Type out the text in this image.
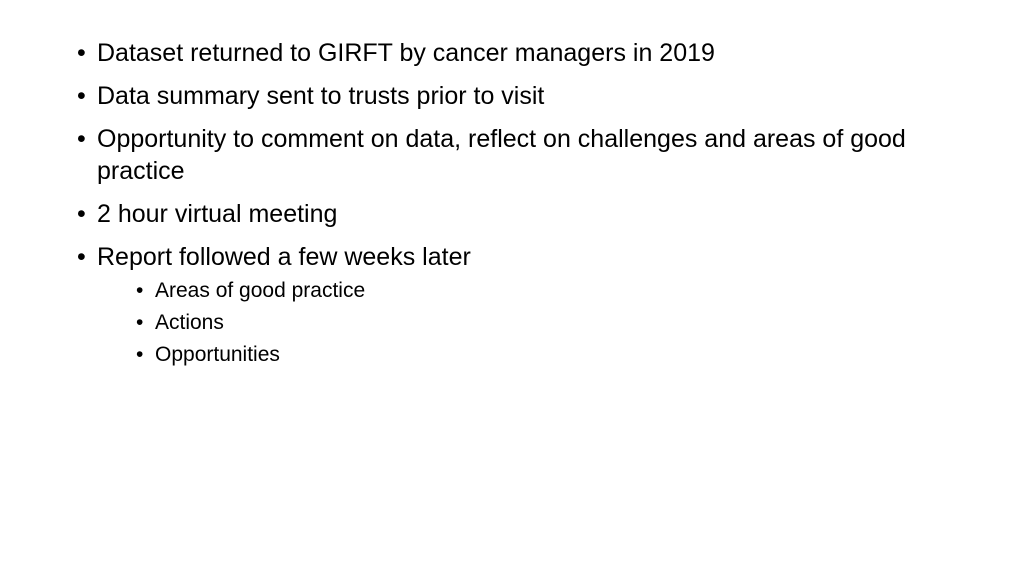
• Dataset returned to GIRFT by cancer managers in 2019
• Data summary sent to trusts prior to visit
• Opportunity to comment on data, reflect on challenges and areas of good practice
• 2 hour virtual meeting
• Report followed a few weeks later
• Areas of good practice
• Actions
• Opportunities
